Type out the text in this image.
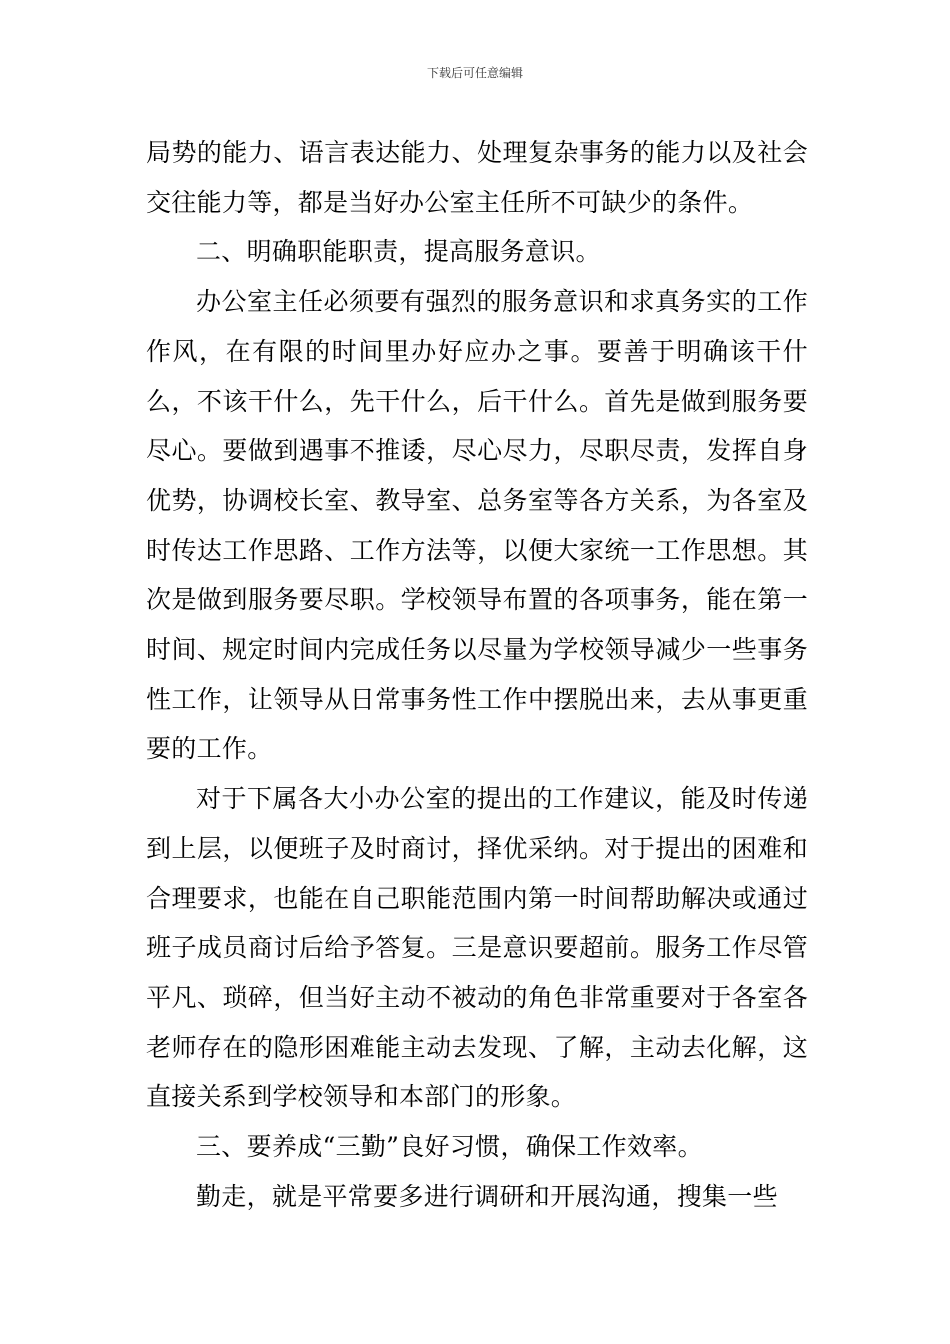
下载后可任意编辑

局势的能力、语言表达能力、处理复杂事务的能力以及社会交往能力等，都是当好办公室主任所不可缺少的条件。

二、明确职能职责，提高服务意识。

办公室主任必须要有强烈的服务意识和求真务实的工作作风，在有限的时间里办好应办之事。要善于明确该干什么，不该干什么，先干什么，后干什么。首先是做到服务要尽心。要做到遇事不推诿，尽心尽力，尽职尽责，发挥自身优势，协调校长室、教导室、总务室等各方关系，为各室及时传达工作思路、工作方法等，以便大家统一工作思想。其次是做到服务要尽职。学校领导布置的各项事务，能在第一时间、规定时间内完成任务以尽量为学校领导减少一些事务性工作，让领导从日常事务性工作中摆脱出来，去从事更重要的工作。

对于下属各大小办公室的提出的工作建议，能及时传递到上层，以便班子及时商讨，择优采纳。对于提出的困难和合理要求，也能在自己职能范围内第一时间帮助解决或通过班子成员商讨后给予答复。三是意识要超前。服务工作尽管平凡、琐碎，但当好主动不被动的角色非常重要对于各室各老师存在的隐形困难能主动去发现、了解，主动去化解，这直接关系到学校领导和本部门的形象。

三、要养成“三勤”良好习惯，确保工作效率。

勤走，就是平常要多进行调研和开展沟通，搜集一些
